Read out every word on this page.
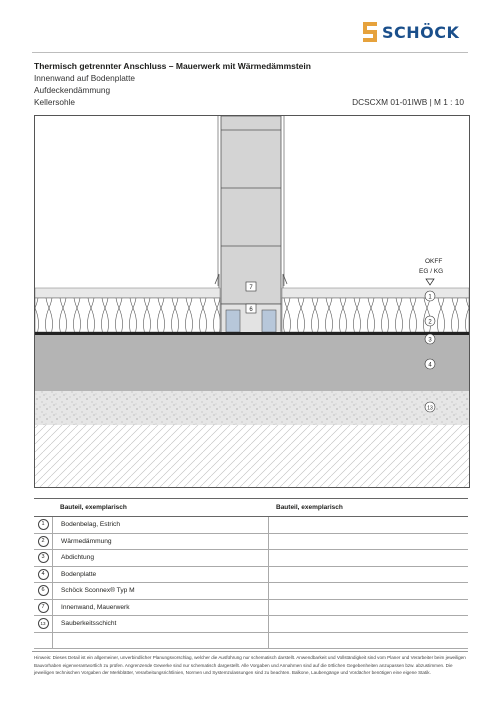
SCHÖCK
Thermisch getrennter Anschluss – Mauerwerk mit Wärmedämmstein
Innenwand auf Bodenplatte
Aufdeckendämmung
Kellersohle	DCSCXM 01-01IWB | M 1 : 10
OKFF
EG / KG
1
2
3
4
13
6
7
Bauteil, exemplarisch
1	Bodenbelag, Estrich
2	Wärmedämmung
3	Abdichtung
4	Bodenplatte
6	Schöck Sconnex® Typ M
7	Innenwand, Mauerwerk
13	Sauberkeitsschicht
Bauteil, exemplarisch
Hinweis: Dieses Detail ist ein allgemeiner, unverbindlicher Planungsvorschlag, welcher die Ausführung nur schematisch darstellt. Anwendbarkeit und Vollständigkeit sind vom Planer und Verarbeiter beim jeweiligen Bauvorhaben eigenverantwortlich zu prüfen. Angrenzende Gewerke sind nur schematisch dargestellt. Alle Vorgaben und Annahmen sind auf die örtlichen Gegebenheiten anzupassen bzw. abzustimmen. Die jeweiligen technischen Vorgaben der Merkblätter, Verarbeitungsrichtlinien, Normen und Systemzulassungen sind zu beachten. Balkone, Laubengänge und Vordächer benötigen eine eigene Statik.
